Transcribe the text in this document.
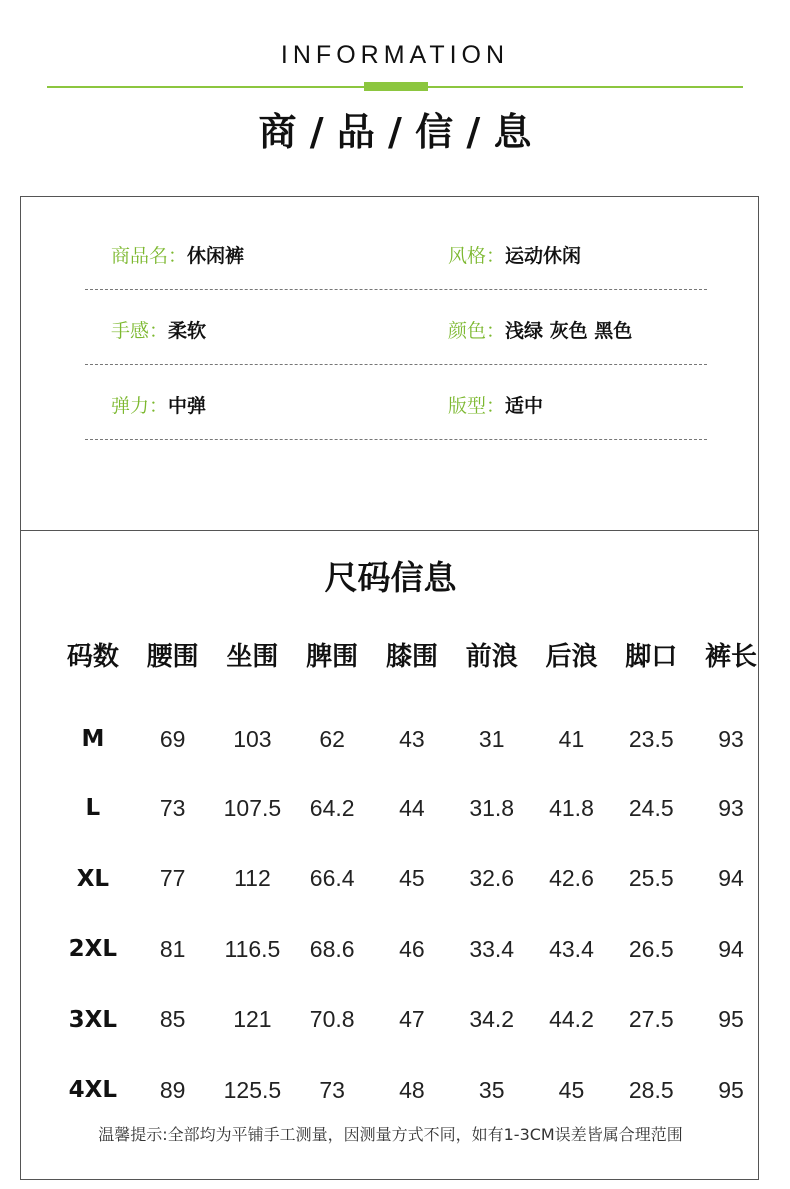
INFORMATION
商 / 品 / 信 / 息
商品名：休闲裤	风格：运动休闲
手感：柔软	颜色：浅绿 灰色 黑色
弹力：中弹	版型：适中
尺码信息
码数	腰围	坐围	脾围	膝围	前浪	后浪	脚口	裤长
M	69	103	62	43	31	41	23.5	93
L	73	107.5	64.2	44	31.8	41.8	24.5	93
XL	77	112	66.4	45	32.6	42.6	25.5	94
2XL	81	116.5	68.6	46	33.4	43.4	26.5	94
3XL	85	121	70.8	47	34.2	44.2	27.5	95
4XL	89	125.5	73	48	35	45	28.5	95
温馨提示:全部均为平铺手工测量，因测量方式不同，如有1-3CM误差皆属合理范围
